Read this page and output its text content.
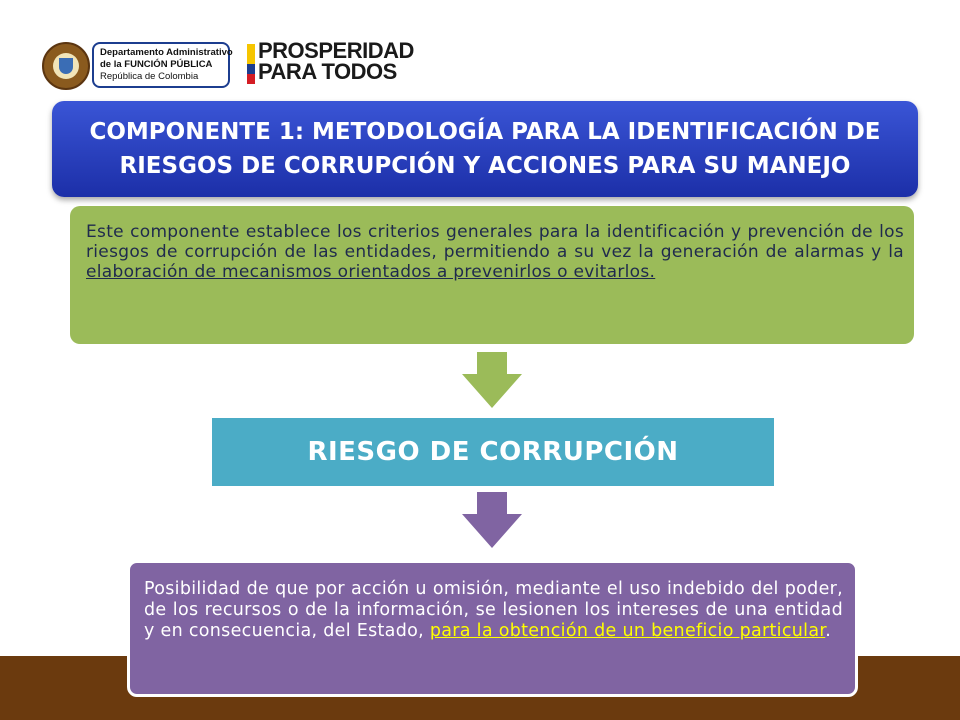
Departamento Administrativo
de la FUNCIÓN PÚBLICA
República de Colombia
PROSPERIDAD
PARA TODOS
COMPONENTE 1: METODOLOGÍA PARA LA IDENTIFICACIÓN DE
RIESGOS DE CORRUPCIÓN Y ACCIONES PARA SU MANEJO
Este componente establece los criterios generales para la identificación y prevención de los riesgos de corrupción de las entidades, permitiendo a su vez la generación de alarmas y la elaboración de mecanismos orientados a prevenirlos o evitarlos.
RIESGO DE CORRUPCIÓN
Posibilidad de que por acción u omisión, mediante el uso indebido del poder, de los recursos o de la información, se lesionen los intereses de una entidad y en consecuencia, del Estado, para la obtención de un beneficio particular.
